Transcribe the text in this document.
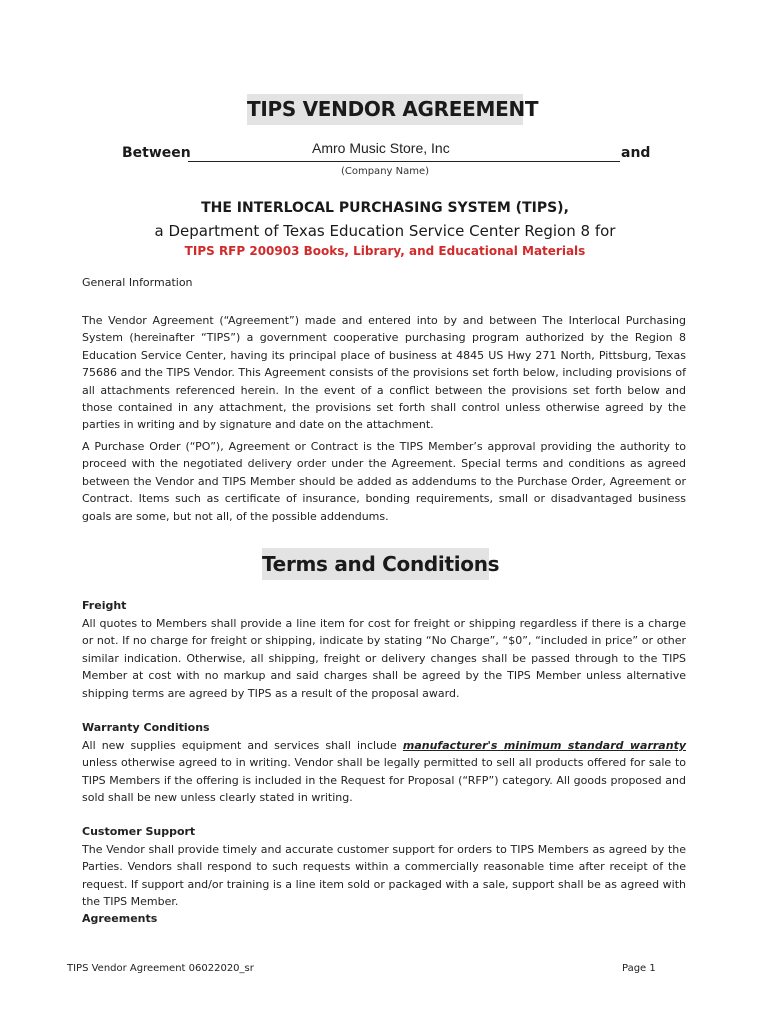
TIPS VENDOR AGREEMENT
Between	Amro Music Store, Inc	and
(Company Name)
THE INTERLOCAL PURCHASING SYSTEM (TIPS),
a Department of Texas Education Service Center Region 8 for
TIPS RFP 200903 Books, Library, and Educational Materials
General Information
The Vendor Agreement (“Agreement”) made and entered into by and between The Interlocal Purchasing System (hereinafter “TIPS”) a government cooperative purchasing program authorized by the Region 8 Education Service Center, having its principal place of business at 4845 US Hwy 271 North, Pittsburg, Texas 75686 and the TIPS Vendor. This Agreement consists of the provisions set forth below, including provisions of all attachments referenced herein. In the event of a conflict between the provisions set forth below and those contained in any attachment, the provisions set forth shall control unless otherwise agreed by the parties in writing and by signature and date on the attachment.
A Purchase Order (“PO”), Agreement or Contract is the TIPS Member’s approval providing the authority to proceed with the negotiated delivery order under the Agreement. Special terms and conditions as agreed between the Vendor and TIPS Member should be added as addendums to the Purchase Order, Agreement or Contract. Items such as certificate of insurance, bonding requirements, small or disadvantaged business goals are some, but not all, of the possible addendums.
Terms and Conditions
Freight
All quotes to Members shall provide a line item for cost for freight or shipping regardless if there is a charge or not. If no charge for freight or shipping, indicate by stating “No Charge”, “$0”, “included in price” or other similar indication. Otherwise, all shipping, freight or delivery changes shall be passed through to the TIPS Member at cost with no markup and said charges shall be agreed by the TIPS Member unless alternative shipping terms are agreed by TIPS as a result of the proposal award.
Warranty Conditions
All new supplies equipment and services shall include manufacturer's minimum standard warranty unless otherwise agreed to in writing. Vendor shall be legally permitted to sell all products offered for sale to TIPS Members if the offering is included in the Request for Proposal (“RFP”) category. All goods proposed and sold shall be new unless clearly stated in writing.
Customer Support
The Vendor shall provide timely and accurate customer support for orders to TIPS Members as agreed by the Parties. Vendors shall respond to such requests within a commercially reasonable time after receipt of the request. If support and/or training is a line item sold or packaged with a sale, support shall be as agreed with the TIPS Member.
Agreements
TIPS Vendor Agreement 06022020_sr	Page 1
